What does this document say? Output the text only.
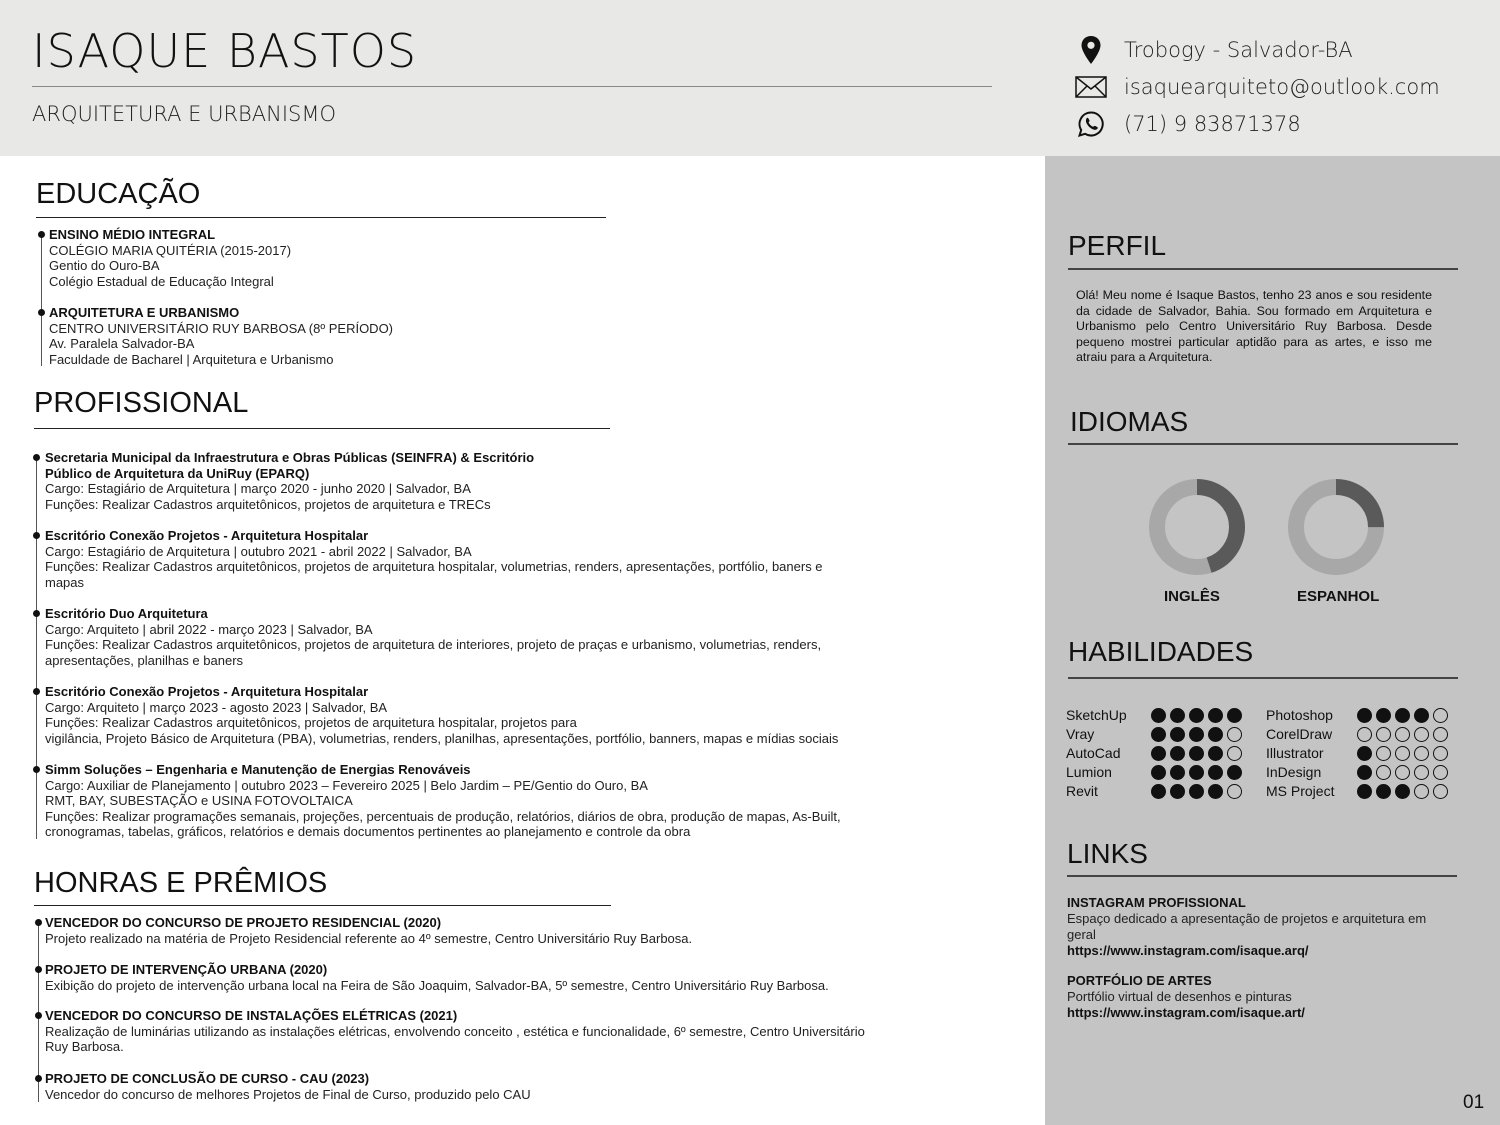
ISAQUE BASTOS
ARQUITETURA E URBANISMO
Trobogy - Salvador-BA
isaquearquiteto@outlook.com
(71) 9 83871378
PERFIL
Olá! Meu nome é Isaque Bastos, tenho 23 anos e sou residente da cidade de Salvador, Bahia. Sou formado em Arquitetura e Urbanismo pelo Centro Universitário Ruy Barbosa. Desde pequeno mostrei particular aptidão para as artes, e isso me atraiu para a Arquitetura.
IDIOMAS
INGLÊS	ESPANHOL
HABILIDADES
SketchUp
Vray
AutoCad
Lumion
Revit
Photoshop
CorelDraw
Illustrator
InDesign
MS Project
LINKS
INSTAGRAM PROFISSIONAL
Espaço dedicado a apresentação de projetos e arquitetura em geral
https://www.instagram.com/isaque.arq/
PORTFÓLIO DE ARTES
Portfólio virtual de desenhos e pinturas
https://www.instagram.com/isaque.art/
01
EDUCAÇÃO
ENSINO MÉDIO INTEGRAL
COLÉGIO MARIA QUITÉRIA (2015-2017)
Gentio do Ouro-BA
Colégio Estadual de Educação Integral
ARQUITETURA E URBANISMO
CENTRO UNIVERSITÁRIO RUY BARBOSA (8º PERÍODO)
Av. Paralela Salvador-BA
Faculdade de Bacharel | Arquitetura e Urbanismo
PROFISSIONAL
Secretaria Municipal da Infraestrutura e Obras Públicas (SEINFRA) & Escritório
Público de Arquitetura da UniRuy (EPARQ)
Cargo: Estagiário de Arquitetura | março 2020 - junho 2020 | Salvador, BA
Funções: Realizar Cadastros arquitetônicos, projetos de arquitetura e TRECs
Escritório Conexão Projetos - Arquitetura Hospitalar
Cargo: Estagiário de Arquitetura | outubro 2021 - abril 2022 | Salvador, BA
Funções: Realizar Cadastros arquitetônicos, projetos de arquitetura hospitalar, volumetrias, renders, apresentações, portfólio, baners e
mapas
Escritório Duo Arquitetura
Cargo: Arquiteto | abril 2022 - março 2023 | Salvador, BA
Funções: Realizar Cadastros arquitetônicos, projetos de arquitetura de interiores, projeto de praças e urbanismo, volumetrias, renders,
apresentações, planilhas e baners
Escritório Conexão Projetos - Arquitetura Hospitalar
Cargo: Arquiteto | março 2023 - agosto 2023 | Salvador, BA
Funções: Realizar Cadastros arquitetônicos, projetos de arquitetura hospitalar, projetos para
vigilância, Projeto Básico de Arquitetura (PBA), volumetrias, renders, planilhas, apresentações, portfólio, banners, mapas e mídias sociais
Simm Soluções – Engenharia e Manutenção de Energias Renováveis
Cargo: Auxiliar de Planejamento | outubro 2023 – Fevereiro 2025 | Belo Jardim – PE/Gentio do Ouro, BA
RMT, BAY, SUBESTAÇÃO e USINA FOTOVOLTAICA
Funções: Realizar programações semanais, projeções, percentuais de produção, relatórios, diários de obra, produção de mapas, As-Built,
cronogramas, tabelas, gráficos, relatórios e demais documentos pertinentes ao planejamento e controle da obra
HONRAS E PRÊMIOS
VENCEDOR DO CONCURSO DE PROJETO RESIDENCIAL (2020)
Projeto realizado na matéria de Projeto Residencial referente ao 4º semestre, Centro Universitário Ruy Barbosa.
PROJETO DE INTERVENÇÃO URBANA (2020)
Exibição do projeto de intervenção urbana local na Feira de São Joaquim, Salvador-BA, 5º semestre, Centro Universitário Ruy Barbosa.
VENCEDOR DO CONCURSO DE INSTALAÇÕES ELÉTRICAS (2021)
Realização de luminárias utilizando as instalações elétricas, envolvendo conceito , estética e funcionalidade, 6º semestre, Centro Universitário
Ruy Barbosa.
PROJETO DE CONCLUSÃO DE CURSO - CAU (2023)
Vencedor do concurso de melhores Projetos de Final de Curso, produzido pelo CAU
